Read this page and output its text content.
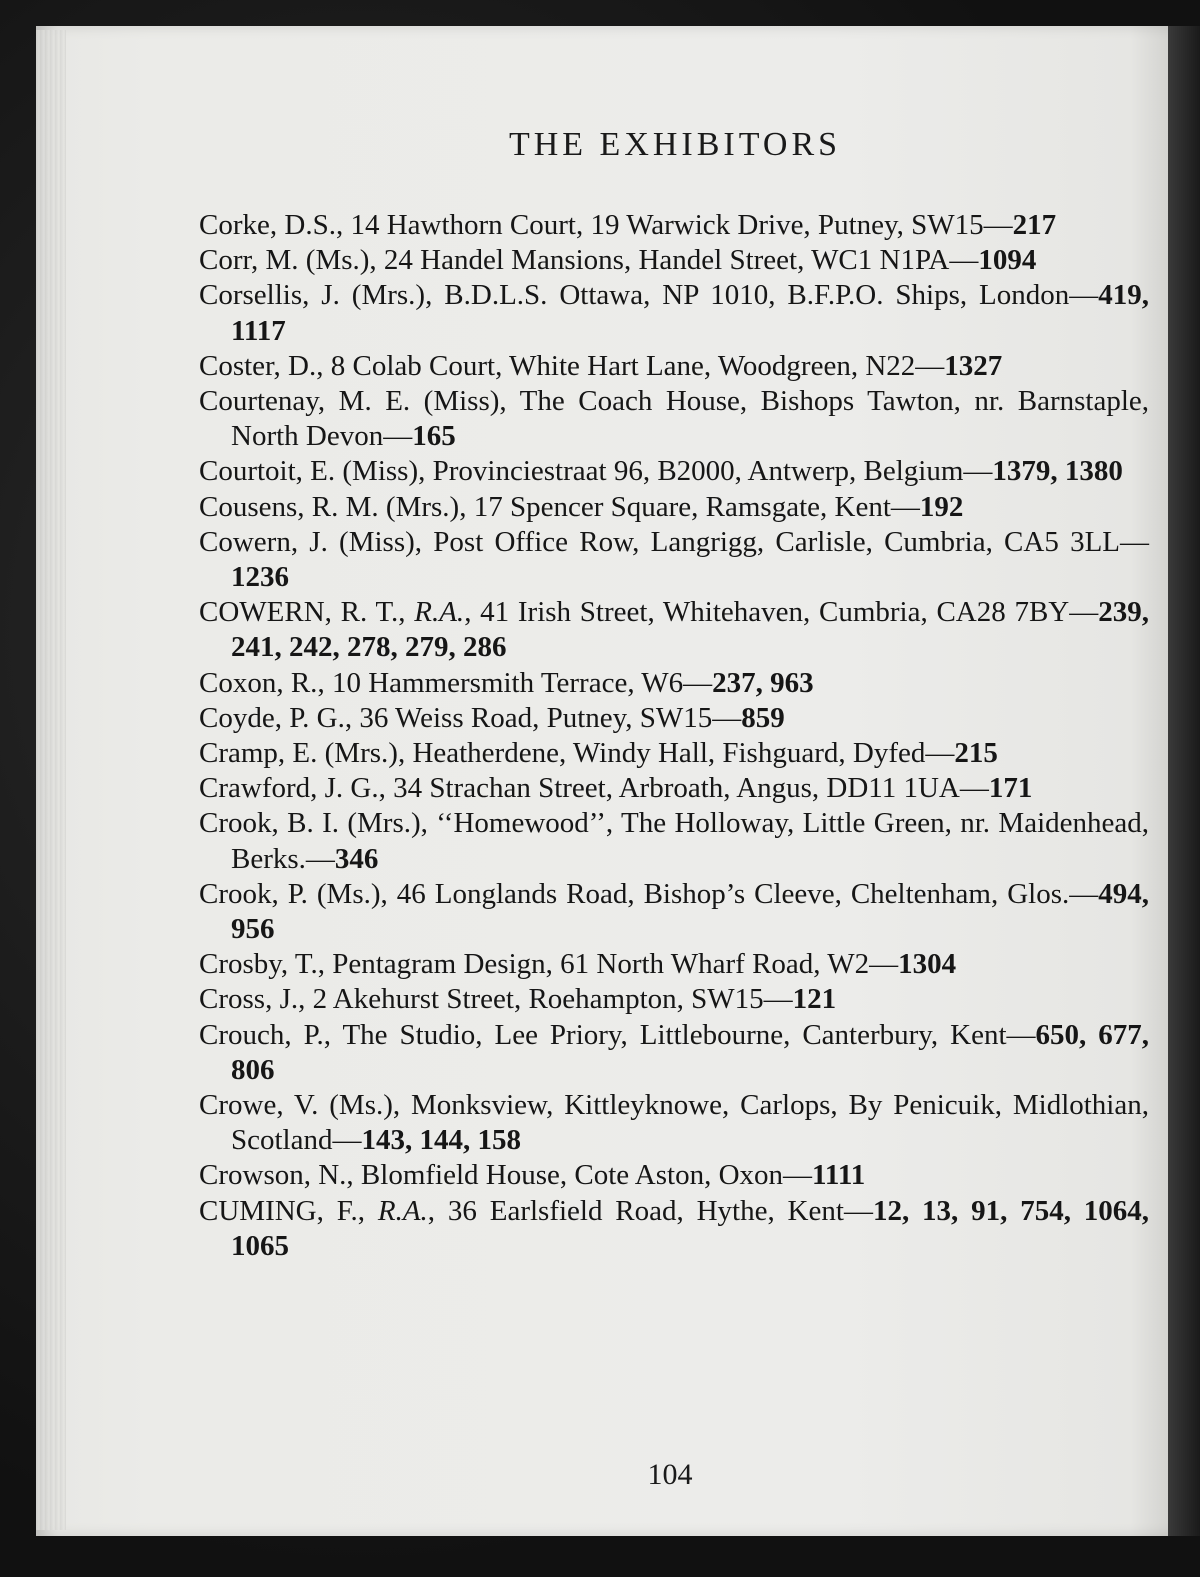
THE EXHIBITORS
Corke, D.S., 14 Hawthorn Court, 19 Warwick Drive, Putney, SW15—217
Corr, M. (Ms.), 24 Handel Mansions, Handel Street, WC1 N1PA—1094
Corsellis, J. (Mrs.), B.D.L.S. Ottawa, NP 1010, B.F.P.O. Ships, London—419, 1117
Coster, D., 8 Colab Court, White Hart Lane, Woodgreen, N22—1327
Courtenay, M. E. (Miss), The Coach House, Bishops Tawton, nr. Barnstaple, North Devon—165
Courtoit, E. (Miss), Provinciestraat 96, B2000, Antwerp, Belgium—1379, 1380
Cousens, R. M. (Mrs.), 17 Spencer Square, Ramsgate, Kent—192
Cowern, J. (Miss), Post Office Row, Langrigg, Carlisle, Cumbria, CA5 3LL—1236
COWERN, R. T., R.A., 41 Irish Street, Whitehaven, Cumbria, CA28 7BY—239, 241, 242, 278, 279, 286
Coxon, R., 10 Hammersmith Terrace, W6—237, 963
Coyde, P. G., 36 Weiss Road, Putney, SW15—859
Cramp, E. (Mrs.), Heatherdene, Windy Hall, Fishguard, Dyfed—215
Crawford, J. G., 34 Strachan Street, Arbroath, Angus, DD11 1UA—171
Crook, B. I. (Mrs.), ‘‘Homewood’’, The Holloway, Little Green, nr. Maidenhead, Berks.—346
Crook, P. (Ms.), 46 Longlands Road, Bishop’s Cleeve, Cheltenham, Glos.—494, 956
Crosby, T., Pentagram Design, 61 North Wharf Road, W2—1304
Cross, J., 2 Akehurst Street, Roehampton, SW15—121
Crouch, P., The Studio, Lee Priory, Littlebourne, Canterbury, Kent—650, 677, 806
Crowe, V. (Ms.), Monksview, Kittleyknowe, Carlops, By Penicuik, Midlothian, Scotland—143, 144, 158
Crowson, N., Blomfield House, Cote Aston, Oxon—1111
CUMING, F., R.A., 36 Earlsfield Road, Hythe, Kent—12, 13, 91, 754, 1064, 1065
104
